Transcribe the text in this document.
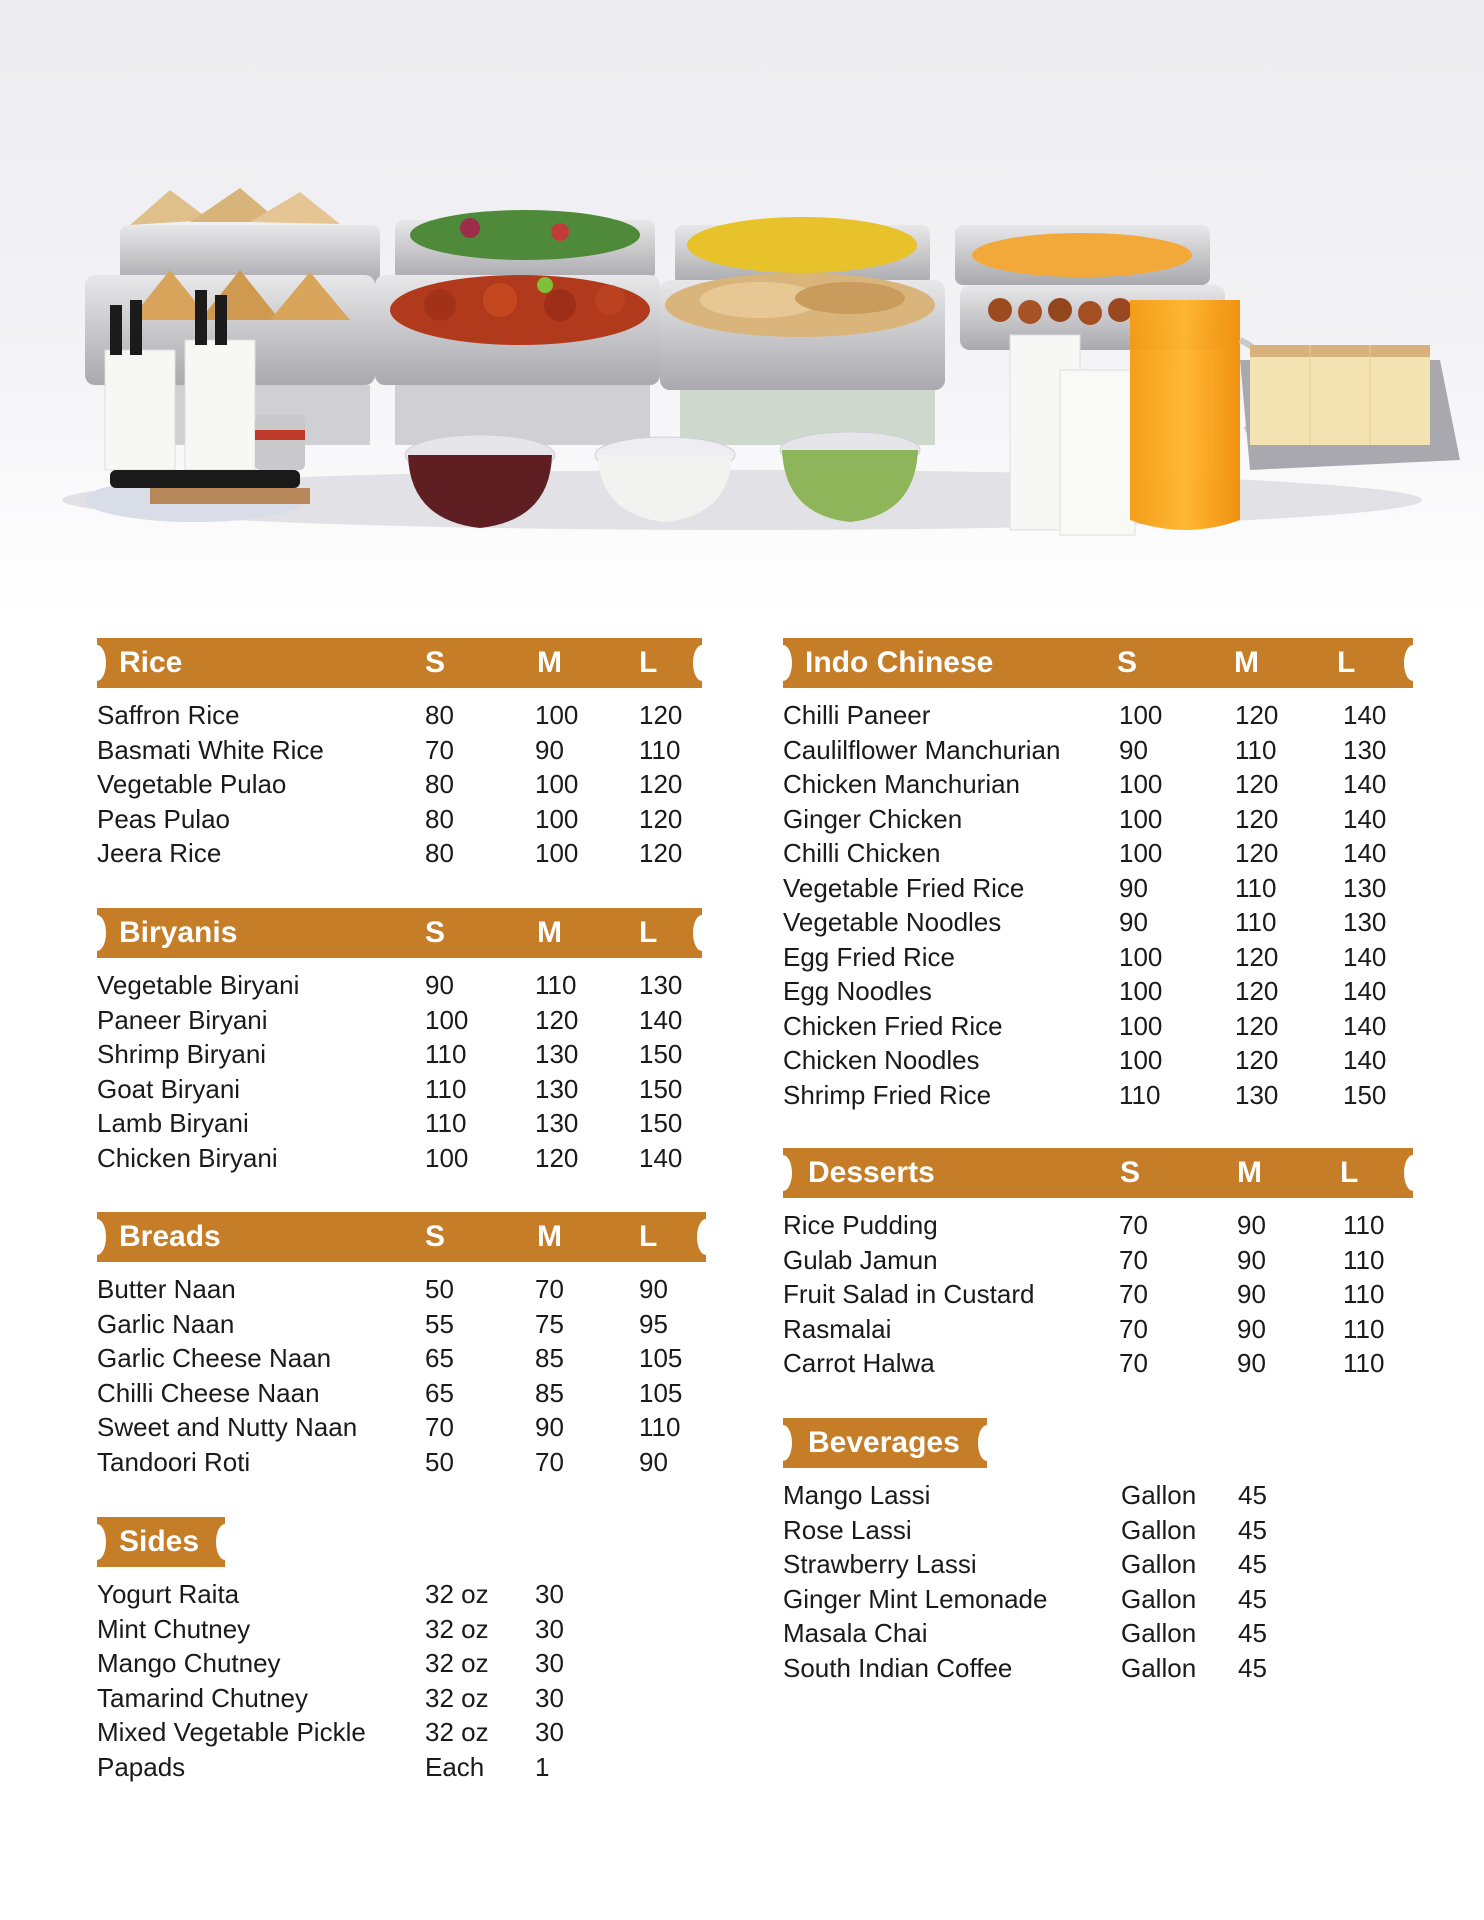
Rice	S	M	L
Saffron Rice	80	100 120
Basmati White Rice	70	90	110
Vegetable Pulao	80	100 120
Peas Pulao	80	100 120
Jeera Rice	80	100 120
Biryanis	S	M	L
Vegetable Biryani	90	110 130
Paneer Biryani	100	120 140
Shrimp Biryani	110	130 150
Goat Biryani	110	130 150
Lamb Biryani	110	130 150
Chicken Biryani	100	120 140
Breads	S	M	L
Butter Naan	50	70	90
Garlic Naan	55	75	95
Garlic Cheese Naan	65	85	105
Chilli Cheese Naan	65	85	105
Sweet and Nutty Naan	70	90	110
Tandoori Roti	50	70	90
Sides
Yogurt Raita	32 oz 30
Mint Chutney	32 oz 30
Mango Chutney	32 oz 30
Tamarind Chutney	32 oz 30
Mixed Vegetable Pickle 32 oz 30
Papads	Each 1
Indo Chinese	S	M	L
Chilli Paneer	100	120 140
Caulilflower Manchurian 90	110	130
Chicken Manchurian	100	120 140
Ginger Chicken	100	120 140
Chilli Chicken	100	120 140
Vegetable Fried Rice	90	110	130
Vegetable Noodles	90	110	130
Egg Fried Rice	100	120 140
Egg Noodles	100	120 140
Chicken Fried Rice	100	120 140
Chicken Noodles	100	120 140
Shrimp Fried Rice	110	130 150
Desserts	S	M	L
Rice Pudding	70	90	110
Gulab Jamun	70	90	110
Fruit Salad in Custard	70	90	110
Rasmalai	70	90	110
Carrot Halwa	70	90	110
Beverages
Mango Lassi	Gallon 45
Rose Lassi	Gallon 45
Strawberry Lassi	Gallon 45
Ginger Mint Lemonade	Gallon 45
Masala Chai	Gallon 45
South Indian Coffee	Gallon 45
